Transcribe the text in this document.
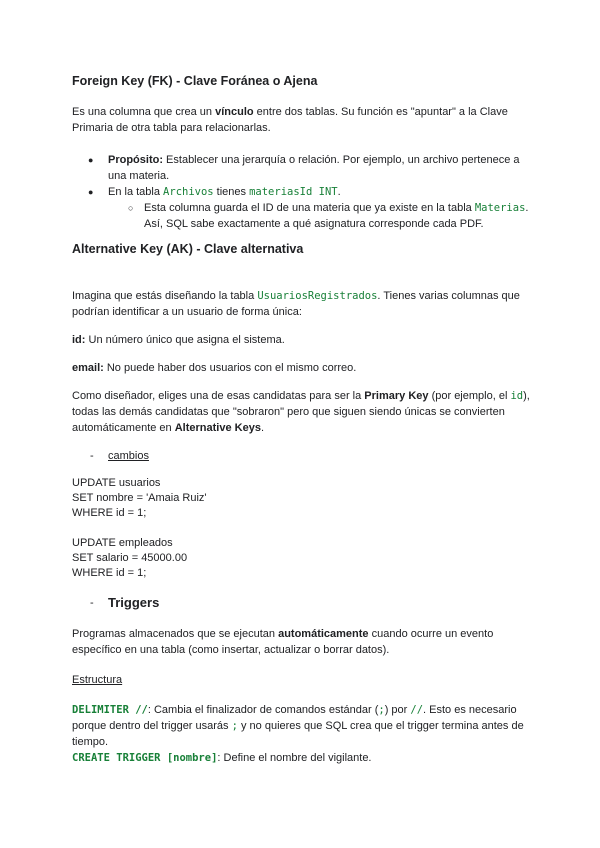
Foreign Key (FK) - Clave Foránea o Ajena

Es una columna que crea un vínculo entre dos tablas. Su función es "apuntar" a la Clave Primaria de otra tabla para relacionarlas.

● Propósito: Establecer una jerarquía o relación. Por ejemplo, un archivo pertenece a una materia.
● En la tabla Archivos tienes materiasId INT.
○ Esta columna guarda el ID de una materia que ya existe en la tabla Materias. Así, SQL sabe exactamente a qué asignatura corresponde cada PDF.
Alternative Key (AK) - Clave alternativa

Imagina que estás diseñando la tabla UsuariosRegistrados. Tienes varias columnas que podrían identificar a un usuario de forma única:

id: Un número único que asigna el sistema.

email: No puede haber dos usuarios con el mismo correo.

Como diseñador, eliges una de esas candidatas para ser la Primary Key (por ejemplo, el id), todas las demás candidatas que "sobraron" pero que siguen siendo únicas se convierten automáticamente en Alternative Keys.

- cambios
UPDATE usuarios
SET nombre = 'Amaia Ruiz'
WHERE id = 1;
UPDATE empleados
SET salario = 45000.00
WHERE id = 1;
- Triggers

Programas almacenados que se ejecutan automáticamente cuando ocurre un evento específico en una tabla (como insertar, actualizar o borrar datos).

Estructura

DELIMITER //: Cambia el finalizador de comandos estándar (;) por //. Esto es necesario porque dentro del trigger usarás ; y no quieres que SQL crea que el trigger termina antes de tiempo.

CREATE TRIGGER [nombre]: Define el nombre del vigilante.
